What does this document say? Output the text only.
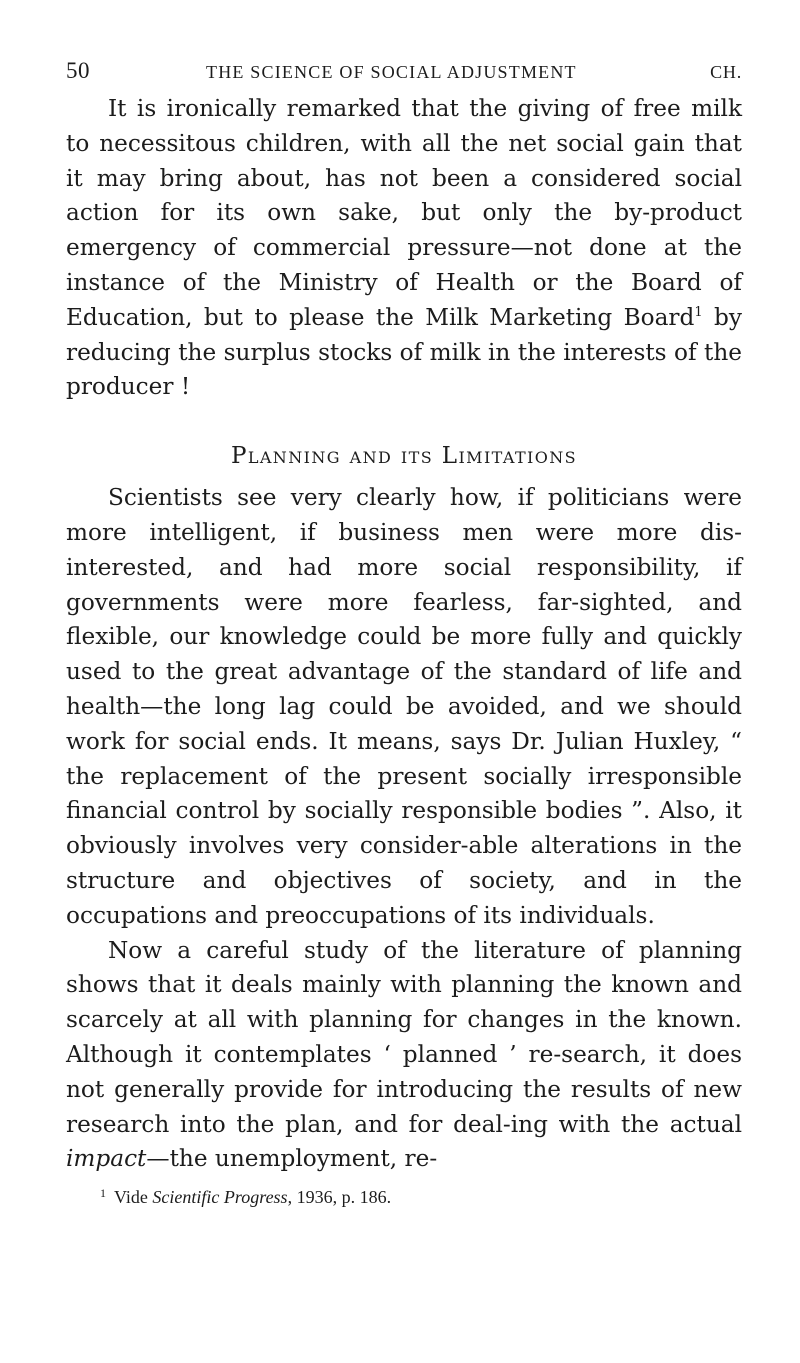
50	THE SCIENCE OF SOCIAL ADJUSTMENT	CH.

It is ironically remarked that the giving of free milk to necessitous children, with all the net social gain that it may bring about, has not been a considered social action for its own sake, but only the by-product emergency of commercial pressure—not done at the instance of the Ministry of Health or the Board of Education, but to please the Milk Marketing Board$^1$ by reducing the surplus stocks of milk in the interests of the producer !

Planning and its Limitations

Scientists see very clearly how, if politicians were more intelligent, if business men were more dis-interested, and had more social responsibility, if governments were more fearless, far-sighted, and flexible, our knowledge could be more fully and quickly used to the great advantage of the standard of life and health—the long lag could be avoided, and we should work for social ends. It means, says Dr. Julian Huxley, “ the replacement of the present socially irresponsible financial control by socially responsible bodies ”. Also, it obviously involves very consider-able alterations in the structure and objectives of society, and in the occupations and preoccupations of its individuals.

Now a careful study of the literature of planning shows that it deals mainly with planning the known and scarcely at all with planning for changes in the known. Although it contemplates ‘ planned ’ re-search, it does not generally provide for introducing the results of new research into the plan, and for deal-ing with the actual impact—the unemployment, re-

$^1$ Vide Scientific Progress, 1936, p. 186.
